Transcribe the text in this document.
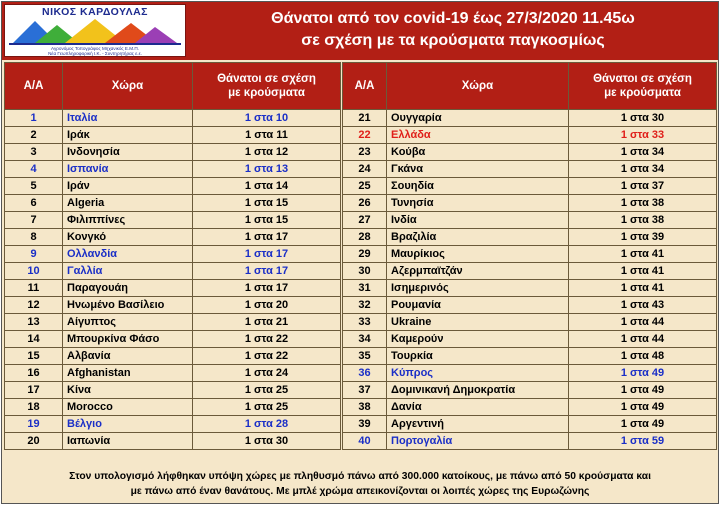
ΝΙΚΟΣ ΚΑΡΔΟΥΛΑΣ
Αγρονόμος Τοπογράφος Μηχανικός Ε.Μ.Π.
Νέα Γεωπληροφορική Ι.Κ. - Συντηρητήρας ε.ε.
Θάνατοι από τον covid-19 έως 27/3/2020 11.45ω
σε σχέση με τα κρούσματα παγκοσμίως
Α/Α	Χώρα	Θάνατοι σε σχέση με κρούσματα

1	Ιταλία	1 στα 10
2	Ιράκ	1 στα 11
3	Ινδονησία	1 στα 12
4	Ισπανία	1 στα 13
5	Ιράν	1 στα 14
6	Algeria	1 στα 15
7	Φιλιππίνες	1 στα 15
8	Κονγκό	1 στα 17
9	Ολλανδία	1 στα 17
10	Γαλλία	1 στα 17
11	Παραγουάη	1 στα 17
12	Ηνωμένο Βασίλειο	1 στα 20
13	Αίγυπτος	1 στα 21
14	Μπουρκίνα Φάσο	1 στα 22
15	Αλβανία	1 στα 22
16	Afghanistan	1 στα 24
17	Κίνα	1 στα 25
18	Morocco	1 στα 25
19	Βέλγιο	1 στα 28
20	Ιαπωνία	1 στα 30
Α/Α	Χώρα	Θάνατοι σε σχέση με κρούσματα

21	Ουγγαρία	1 στα 30
22	Ελλάδα	1 στα 33
23	Κούβα	1 στα 34
24	Γκάνα	1 στα 34
25	Σουηδία	1 στα 37
26	Τυνησία	1 στα 38
27	Ινδία	1 στα 38
28	Βραζιλία	1 στα 39
29	Μαυρίκιος	1 στα 41
30	Αζερμπαϊτζάν	1 στα 41
31	Ισημερινός	1 στα 41
32	Ρουμανία	1 στα 43
33	Ukraine	1 στα 44
34	Καμερούν	1 στα 44
35	Τουρκία	1 στα 48
36	Κύπρος	1 στα 49
37	Δομινικανή Δημοκρατία	1 στα 49
38	Δανία	1 στα 49
39	Αργεντινή	1 στα 49
40	Πορτογαλία	1 στα 59
Στον υπολογισμό λήφθηκαν υπόψη χώρες με πληθυσμό πάνω από 300.000 κατοίκους, με πάνω από 50 κρούσματα και
με πάνω από έναν θανάτους. Με μπλέ χρώμα απεικονίζονται οι λοιπές χώρες της Ευρωζώνης
